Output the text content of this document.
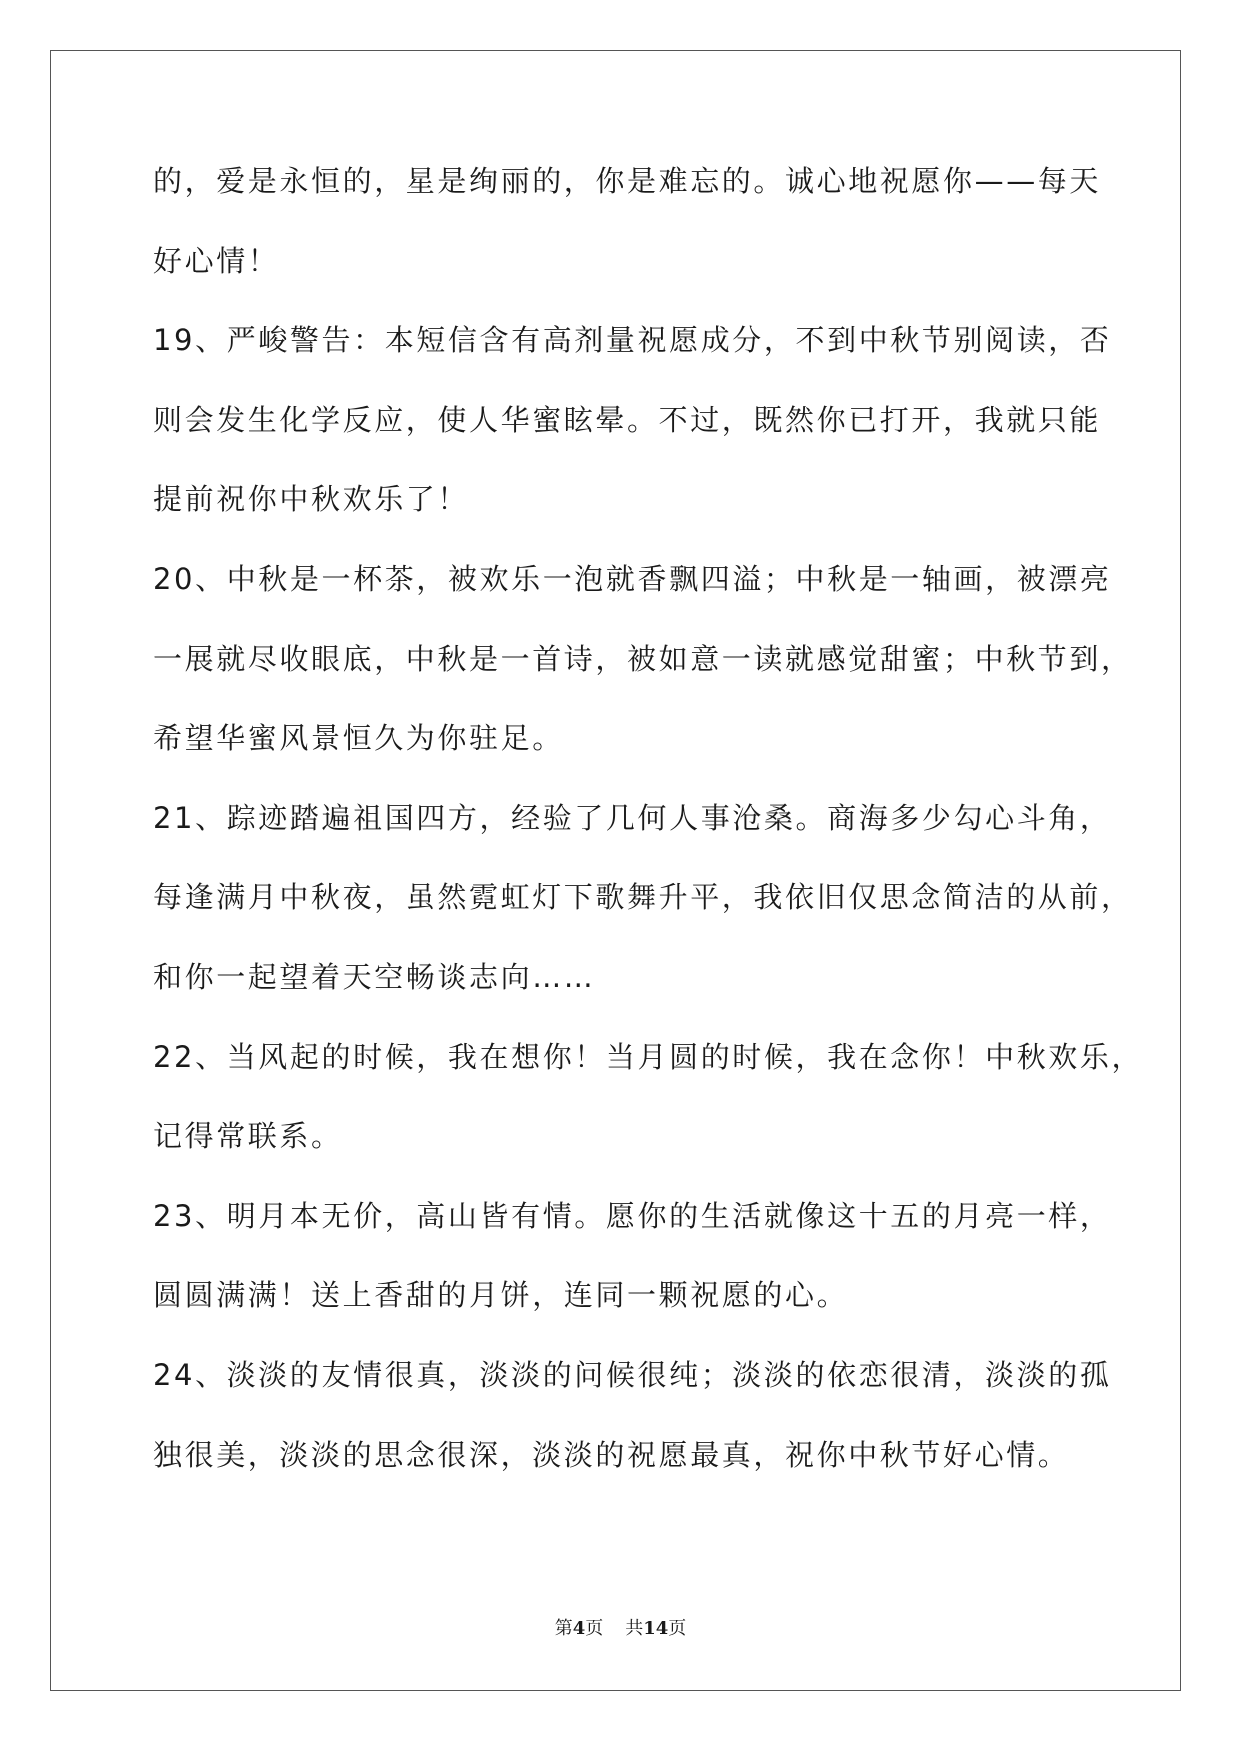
的，爱是永恒的，星是绚丽的，你是难忘的。诚心地祝愿你——每天
好心情！
19、严峻警告：本短信含有高剂量祝愿成分，不到中秋节别阅读，否
则会发生化学反应，使人华蜜眩晕。不过，既然你已打开，我就只能
提前祝你中秋欢乐了！
20、中秋是一杯茶，被欢乐一泡就香飘四溢；中秋是一轴画，被漂亮
一展就尽收眼底，中秋是一首诗，被如意一读就感觉甜蜜；中秋节到，
希望华蜜风景恒久为你驻足。
21、踪迹踏遍祖国四方，经验了几何人事沧桑。商海多少勾心斗角，
每逢满月中秋夜，虽然霓虹灯下歌舞升平，我依旧仅思念简洁的从前，
和你一起望着天空畅谈志向……
22、当风起的时候，我在想你！当月圆的时候，我在念你！中秋欢乐，
记得常联系。
23、明月本无价，高山皆有情。愿你的生活就像这十五的月亮一样，
圆圆满满！送上香甜的月饼，连同一颗祝愿的心。
24、淡淡的友情很真，淡淡的问候很纯；淡淡的依恋很清，淡淡的孤
独很美，淡淡的思念很深，淡淡的祝愿最真，祝你中秋节好心情。
第4页 共14页
